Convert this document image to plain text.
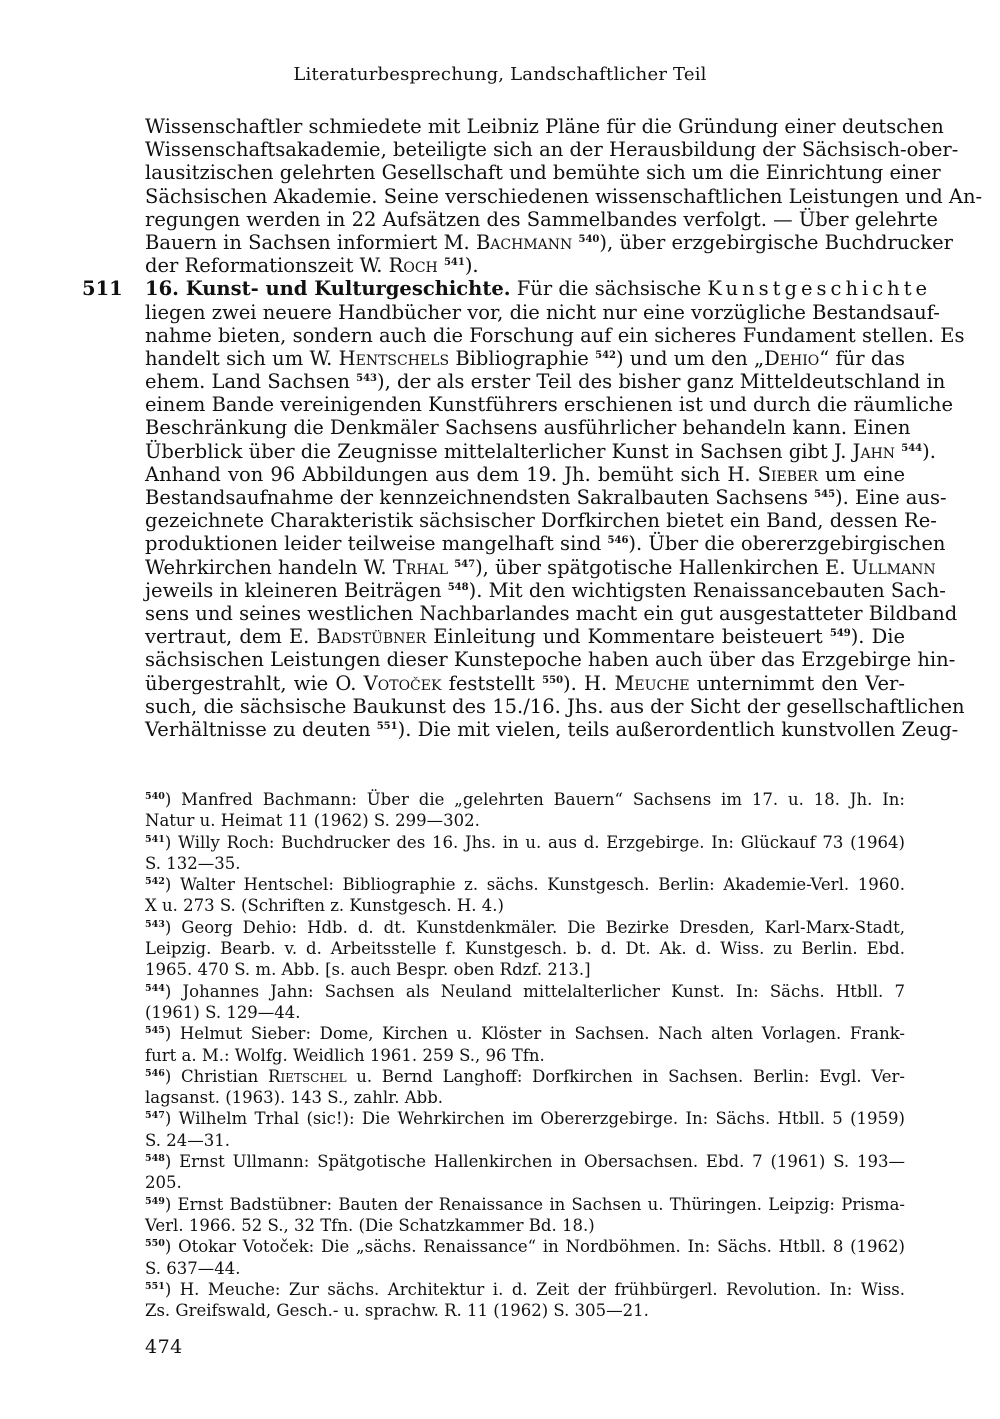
Literaturbesprechung, Landschaftlicher Teil
Wissenschaftler schmiedete mit Leibniz Pläne für die Gründung einer deutschen
Wissenschaftsakademie, beteiligte sich an der Herausbildung der Sächsisch-ober-
lausitzischen gelehrten Gesellschaft und bemühte sich um die Einrichtung einer
Sächsischen Akademie. Seine verschiedenen wissenschaftlichen Leistungen und An-
regungen werden in 22 Aufsätzen des Sammelbandes verfolgt. — Über gelehrte
Bauern in Sachsen informiert M. Bachmann $^{540}$), über erzgebirgische Buchdrucker
der Reformationszeit W. Roch $^{541}$).
511 16. Kunst- und Kulturgeschichte. Für die sächsische Kunstgeschichte
liegen zwei neuere Handbücher vor, die nicht nur eine vorzügliche Bestandsauf-
nahme bieten, sondern auch die Forschung auf ein sicheres Fundament stellen. Es
handelt sich um W. Hentschels Bibliographie $^{542}$) und um den „Dehio“ für das
ehem. Land Sachsen $^{543}$), der als erster Teil des bisher ganz Mitteldeutschland in
einem Bande vereinigenden Kunstführers erschienen ist und durch die räumliche
Beschränkung die Denkmäler Sachsens ausführlicher behandeln kann. Einen
Überblick über die Zeugnisse mittelalterlicher Kunst in Sachsen gibt J. Jahn $^{544}$).
Anhand von 96 Abbildungen aus dem 19. Jh. bemüht sich H. Sieber um eine
Bestandsaufnahme der kennzeichnendsten Sakralbauten Sachsens $^{545}$). Eine aus-
gezeichnete Charakteristik sächsischer Dorfkirchen bietet ein Band, dessen Re-
produktionen leider teilweise mangelhaft sind $^{546}$). Über die obererzgebirgischen
Wehrkirchen handeln W. Trhal $^{547}$), über spätgotische Hallenkirchen E. Ullmann
jeweils in kleineren Beiträgen $^{548}$). Mit den wichtigsten Renaissancebauten Sach-
sens und seines westlichen Nachbarlandes macht ein gut ausgestatteter Bildband
vertraut, dem E. Badstübner Einleitung und Kommentare beisteuert $^{549}$). Die
sächsischen Leistungen dieser Kunstepoche haben auch über das Erzgebirge hin-
übergestrahlt, wie O. Votoček feststellt $^{550}$). H. Meuche unternimmt den Ver-
such, die sächsische Baukunst des 15./16. Jhs. aus der Sicht der gesellschaftlichen
Verhältnisse zu deuten $^{551}$). Die mit vielen, teils außerordentlich kunstvollen Zeug-
$^{540}$) Manfred Bachmann: Über die „gelehrten Bauern“ Sachsens im 17. u. 18. Jh. In:
Natur u. Heimat 11 (1962) S. 299—302.
$^{541}$) Willy Roch: Buchdrucker des 16. Jhs. in u. aus d. Erzgebirge. In: Glückauf 73 (1964)
S. 132—35.
$^{542}$) Walter Hentschel: Bibliographie z. sächs. Kunstgesch. Berlin: Akademie-Verl. 1960.
X u. 273 S. (Schriften z. Kunstgesch. H. 4.)
$^{543}$) Georg Dehio: Hdb. d. dt. Kunstdenkmäler. Die Bezirke Dresden, Karl-Marx-Stadt,
Leipzig. Bearb. v. d. Arbeitsstelle f. Kunstgesch. b. d. Dt. Ak. d. Wiss. zu Berlin. Ebd.
1965. 470 S. m. Abb. [s. auch Bespr. oben Rdzf. 213.]
$^{544}$) Johannes Jahn: Sachsen als Neuland mittelalterlicher Kunst. In: Sächs. Htbll. 7
(1961) S. 129—44.
$^{545}$) Helmut Sieber: Dome, Kirchen u. Klöster in Sachsen. Nach alten Vorlagen. Frank-
furt a. M.: Wolfg. Weidlich 1961. 259 S., 96 Tfn.
$^{546}$) Christian Rietschel u. Bernd Langhoff: Dorfkirchen in Sachsen. Berlin: Evgl. Ver-
lagsanst. (1963). 143 S., zahlr. Abb.
$^{547}$) Wilhelm Trhal (sic!): Die Wehrkirchen im Obererzgebirge. In: Sächs. Htbll. 5 (1959)
S. 24—31.
$^{548}$) Ernst Ullmann: Spätgotische Hallenkirchen in Obersachsen. Ebd. 7 (1961) S. 193—
205.
$^{549}$) Ernst Badstübner: Bauten der Renaissance in Sachsen u. Thüringen. Leipzig: Prisma-
Verl. 1966. 52 S., 32 Tfn. (Die Schatzkammer Bd. 18.)
$^{550}$) Otokar Votoček: Die „sächs. Renaissance“ in Nordböhmen. In: Sächs. Htbll. 8 (1962)
S. 637—44.
$^{551}$) H. Meuche: Zur sächs. Architektur i. d. Zeit der frühbürgerl. Revolution. In: Wiss.
Zs. Greifswald, Gesch.- u. sprachw. R. 11 (1962) S. 305—21.
474
